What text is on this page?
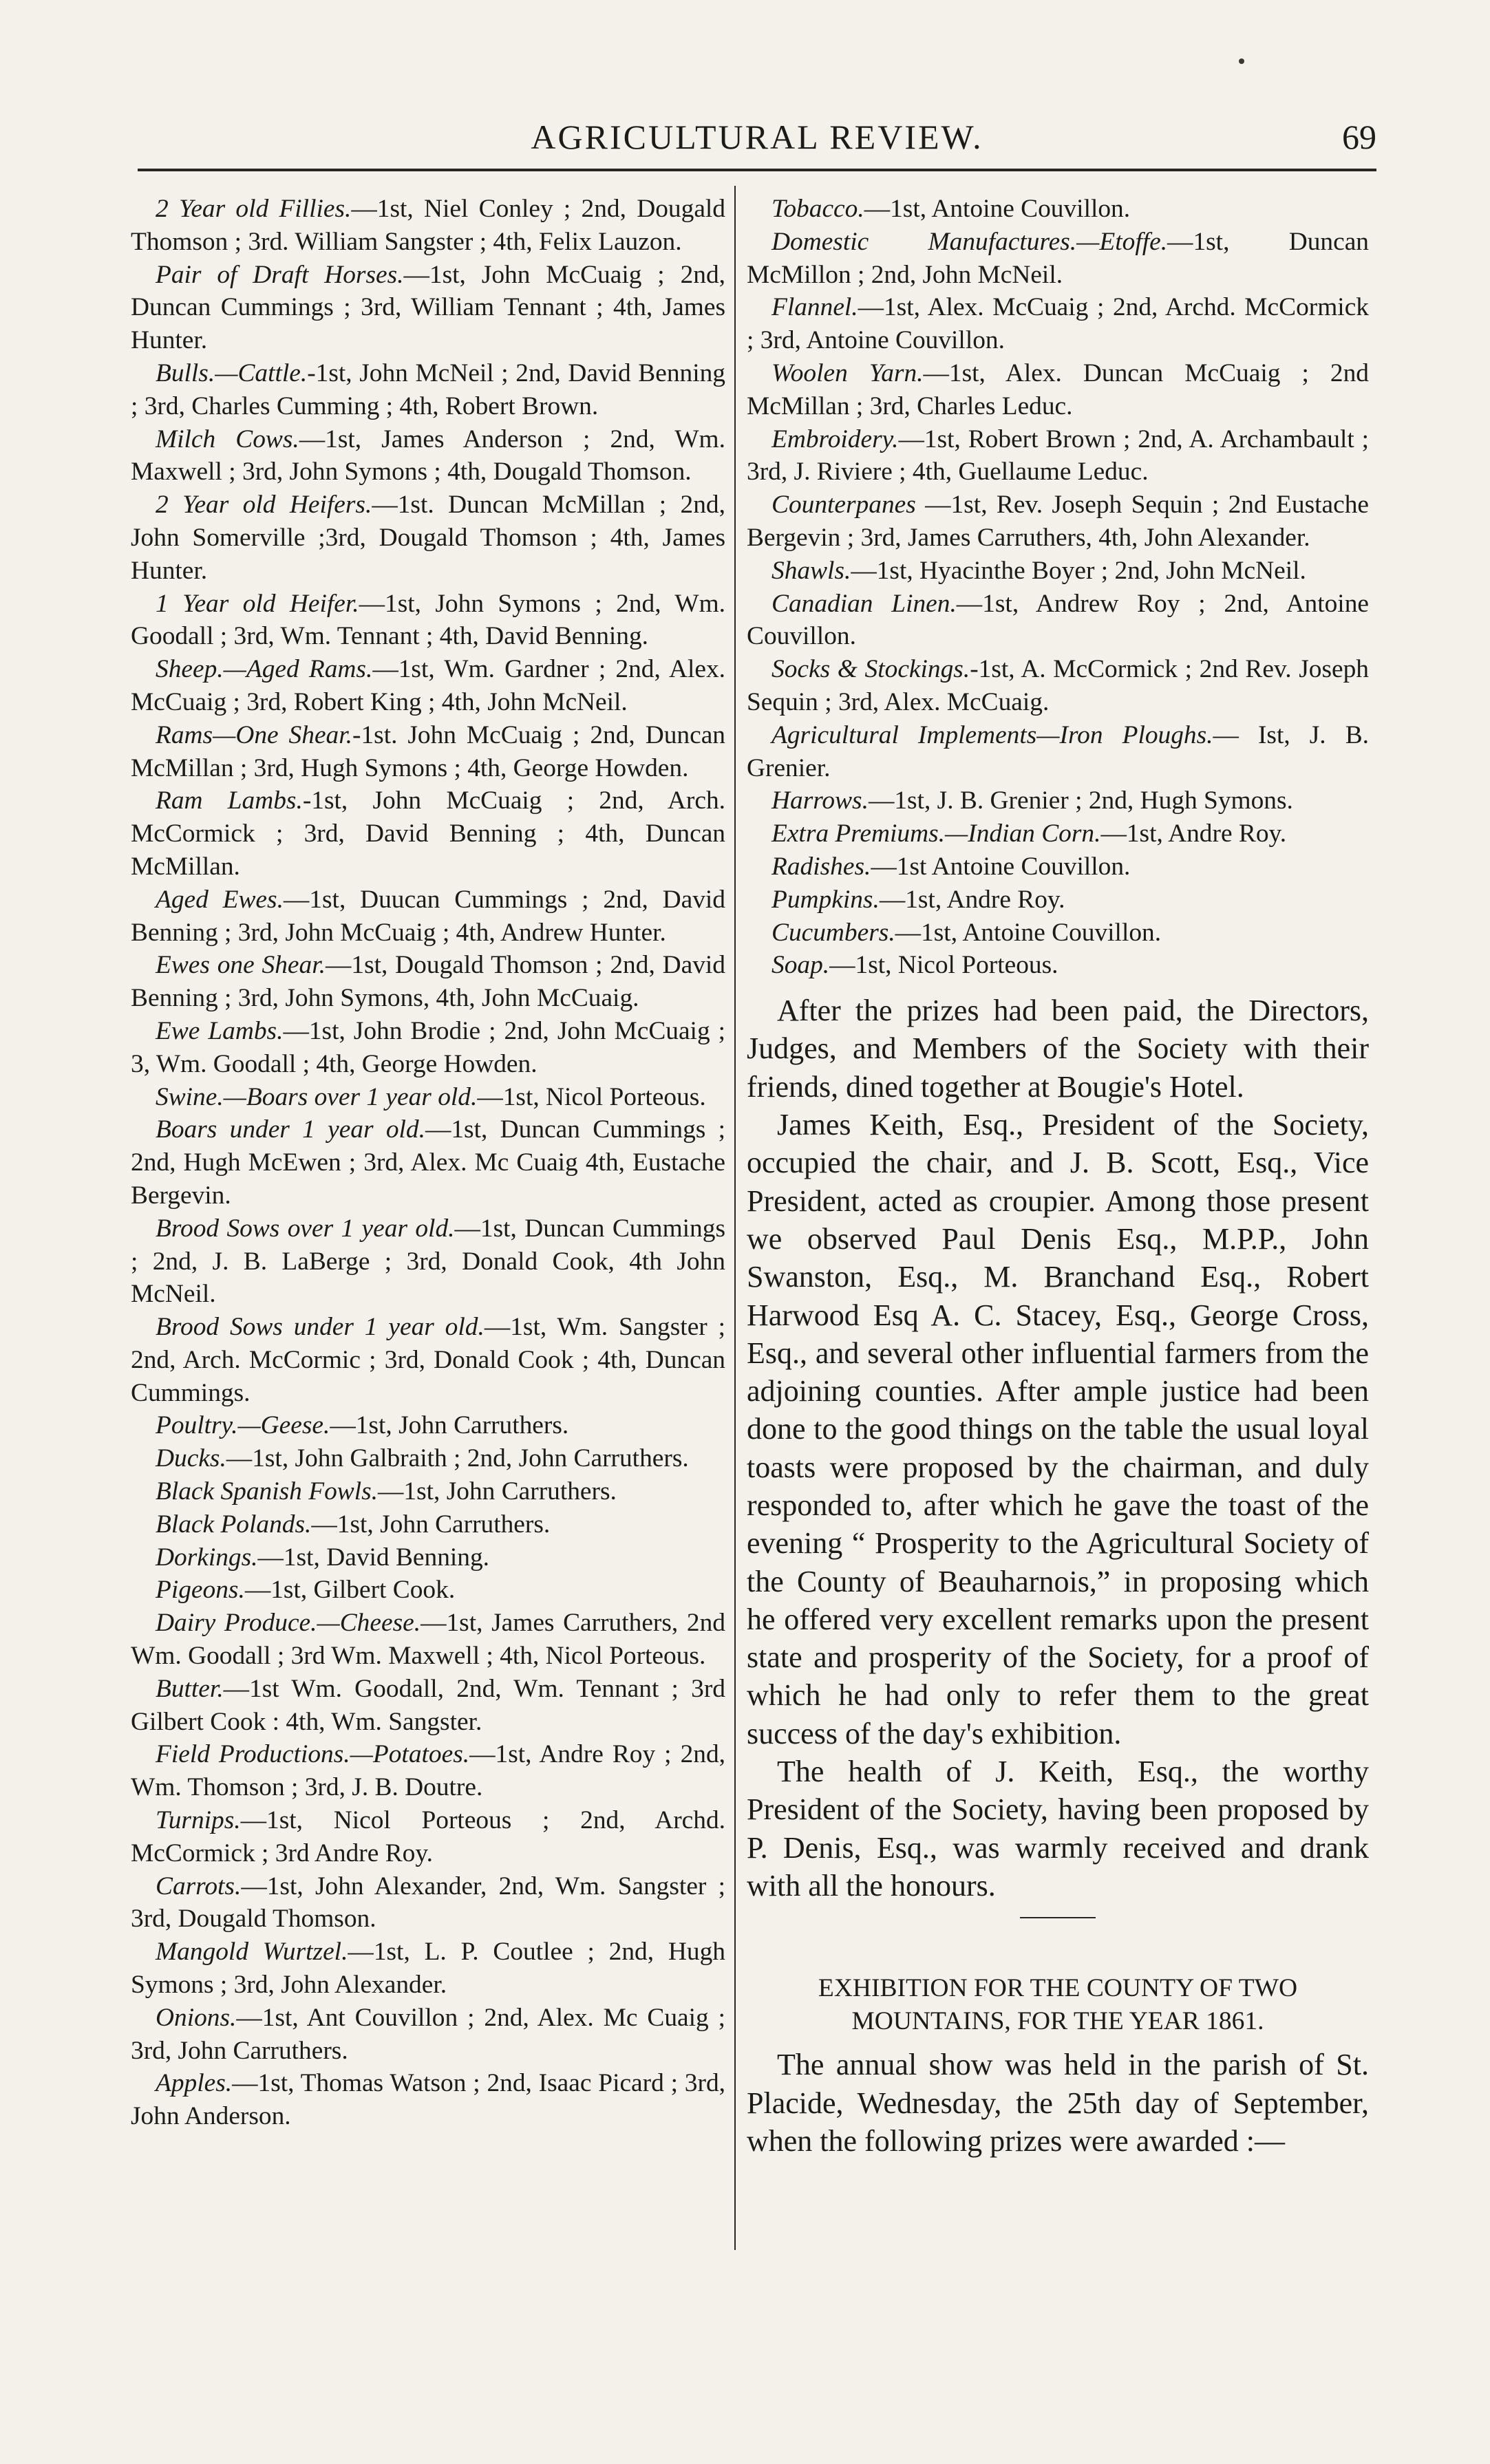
AGRICULTURAL REVIEW.	69

2 Year old Fillies.—1st, Niel Conley ; 2nd, Dougald Thomson ; 3rd. William Sangster ; 4th, Felix Lauzon.

Pair of Draft Horses.—1st, John McCuaig ; 2nd, Duncan Cummings ; 3rd, William Tennant ; 4th, James Hunter.

Bulls.—Cattle.-1st, John McNeil ; 2nd, David Benning ; 3rd, Charles Cumming ; 4th, Robert Brown.

Milch Cows.—1st, James Anderson ; 2nd, Wm. Maxwell ; 3rd, John Symons ; 4th, Dougald Thomson.

2 Year old Heifers.—1st. Duncan McMillan ; 2nd, John Somerville ;3rd, Dougald Thomson ; 4th, James Hunter.

1 Year old Heifer.—1st, John Symons ; 2nd, Wm. Goodall ; 3rd, Wm. Tennant ; 4th, David Benning.

Sheep.—Aged Rams.—1st, Wm. Gardner ; 2nd, Alex. McCuaig ; 3rd, Robert King ; 4th, John McNeil.

Rams—One Shear.-1st. John McCuaig ; 2nd, Duncan McMillan ; 3rd, Hugh Symons ; 4th, George Howden.

Ram Lambs.-1st, John McCuaig ; 2nd, Arch. McCormick ; 3rd, David Benning ; 4th, Duncan McMillan.

Aged Ewes.—1st, Duucan Cummings ; 2nd, David Benning ; 3rd, John McCuaig ; 4th, Andrew Hunter.

Ewes one Shear.—1st, Dougald Thomson ; 2nd, David Benning ; 3rd, John Symons, 4th, John McCuaig.

Ewe Lambs.—1st, John Brodie ; 2nd, John McCuaig ; 3, Wm. Goodall ; 4th, George Howden.

Swine.—Boars over 1 year old.—1st, Nicol Porteous.

Boars under 1 year old.—1st, Duncan Cummings ; 2nd, Hugh McEwen ; 3rd, Alex. Mc Cuaig 4th, Eustache Bergevin.

Brood Sows over 1 year old.—1st, Duncan Cummings ; 2nd, J. B. LaBerge ; 3rd, Donald Cook, 4th John McNeil.

Brood Sows under 1 year old.—1st, Wm. Sangster ; 2nd, Arch. McCormic ; 3rd, Donald Cook ; 4th, Duncan Cummings.

Poultry.—Geese.—1st, John Carruthers.

Ducks.—1st, John Galbraith ; 2nd, John Carruthers.

Black Spanish Fowls.—1st, John Carruthers.

Black Polands.—1st, John Carruthers.

Dorkings.—1st, David Benning.

Pigeons.—1st, Gilbert Cook.

Dairy Produce.—Cheese.—1st, James Carruthers, 2nd Wm. Goodall ; 3rd Wm. Maxwell ; 4th, Nicol Porteous.

Butter.—1st Wm. Goodall, 2nd, Wm. Tennant ; 3rd Gilbert Cook : 4th, Wm. Sangster.

Field Productions.—Potatoes.—1st, Andre Roy ; 2nd, Wm. Thomson ; 3rd, J. B. Doutre.

Turnips.—1st, Nicol Porteous ; 2nd, Archd. McCormick ; 3rd Andre Roy.

Carrots.—1st, John Alexander, 2nd, Wm. Sangster ; 3rd, Dougald Thomson.

Mangold Wurtzel.—1st, L. P. Coutlee ; 2nd, Hugh Symons ; 3rd, John Alexander.

Onions.—1st, Ant Couvillon ; 2nd, Alex. Mc Cuaig ; 3rd, John Carruthers.

Apples.—1st, Thomas Watson ; 2nd, Isaac Picard ; 3rd, John Anderson.

Tobacco.—1st, Antoine Couvillon.

Domestic Manufactures.—Etoffe.—1st, Duncan McMillon ; 2nd, John McNeil.

Flannel.—1st, Alex. McCuaig ; 2nd, Archd. McCormick ; 3rd, Antoine Couvillon.

Woolen Yarn.—1st, Alex. Duncan McCuaig ; 2nd McMillan ; 3rd, Charles Leduc.

Embroidery.—1st, Robert Brown ; 2nd, A. Archambault ; 3rd, J. Riviere ; 4th, Guellaume Leduc.

Counterpanes —1st, Rev. Joseph Sequin ; 2nd Eustache Bergevin ; 3rd, James Carruthers, 4th, John Alexander.

Shawls.—1st, Hyacinthe Boyer ; 2nd, John McNeil.

Canadian Linen.—1st, Andrew Roy ; 2nd, Antoine Couvillon.

Socks & Stockings.-1st, A. McCormick ; 2nd Rev. Joseph Sequin ; 3rd, Alex. McCuaig.

Agricultural Implements—Iron Ploughs.— Ist, J. B. Grenier.

Harrows.—1st, J. B. Grenier ; 2nd, Hugh Symons.

Extra Premiums.—Indian Corn.—1st, Andre Roy.

Radishes.—1st Antoine Couvillon.

Pumpkins.—1st, Andre Roy.

Cucumbers.—1st, Antoine Couvillon.

Soap.—1st, Nicol Porteous.

After the prizes had been paid, the Directors, Judges, and Members of the Society with their friends, dined together at Bougie's Hotel.

James Keith, Esq., President of the Society, occupied the chair, and J. B. Scott, Esq., Vice President, acted as croupier. Among those present we observed Paul Denis Esq., M.P.P., John Swanston, Esq., M. Branchand Esq., Robert Harwood Esq A. C. Stacey, Esq., George Cross, Esq., and several other influential farmers from the adjoining counties. After ample justice had been done to the good things on the table the usual loyal toasts were proposed by the chairman, and duly responded to, after which he gave the toast of the evening “ Prosperity to the Agricultural Society of the County of Beauharnois,” in proposing which he offered very excellent remarks upon the present state and prosperity of the Society, for a proof of which he had only to refer them to the great success of the day's exhibition.

The health of J. Keith, Esq., the worthy President of the Society, having been proposed by P. Denis, Esq., was warmly received and drank with all the honours.

EXHIBITION FOR THE COUNTY OF TWO MOUNTAINS, FOR THE YEAR 1861.

The annual show was held in the parish of St. Placide, Wednesday, the 25th day of September, when the following prizes were awarded :—
